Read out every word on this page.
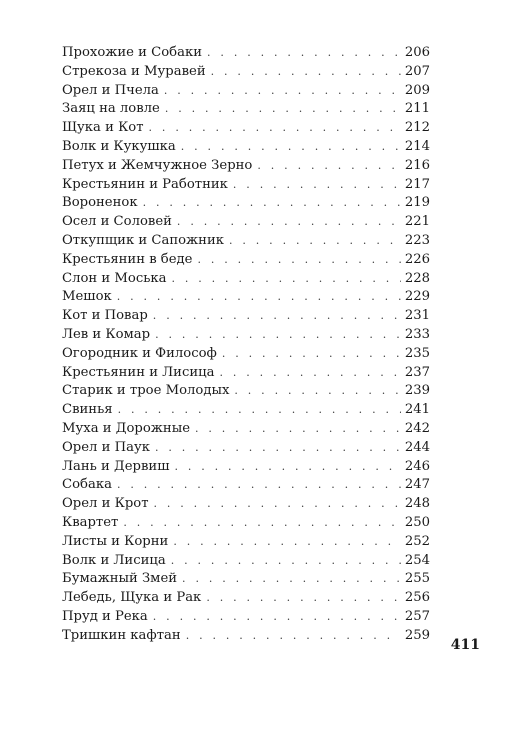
Прохожие и Собаки . . .	206
Стрекоза и Муравей . . .	207
Орел и Пчела . . .	209
Заяц на ловле . . .	211
Щука и Кот . . .	212
Волк и Кукушка . . .	214
Петух и Жемчужное Зерно . . .	216
Крестьянин и Работник . . .	217
Вороненок . . .	219
Осел и Соловей . . .	221
Откупщик и Сапожник . . .	223
Крестьянин в беде . . .	226
Слон и Моська . . .	228
Мешок . . .	229
Кот и Повар . . .	231
Лев и Комар . . .	233
Огородник и Философ . . .	235
Крестьянин и Лисица . . .	237
Старик и трое Молодых . . .	239
Свинья . . .	241
Муха и Дорожные . . .	242
Орел и Паук . . .	244
Лань и Дервиш . . .	246
Собака . . .	247
Орел и Крот . . .	248
Квартет . . .	250
Листы и Корни . . .	252
Волк и Лисица . . .	254
Бумажный Змей . . .	255
Лебедь, Щука и Рак . . .	256
Пруд и Река . . .	257
Тришкин кафтан . . .	259
411
